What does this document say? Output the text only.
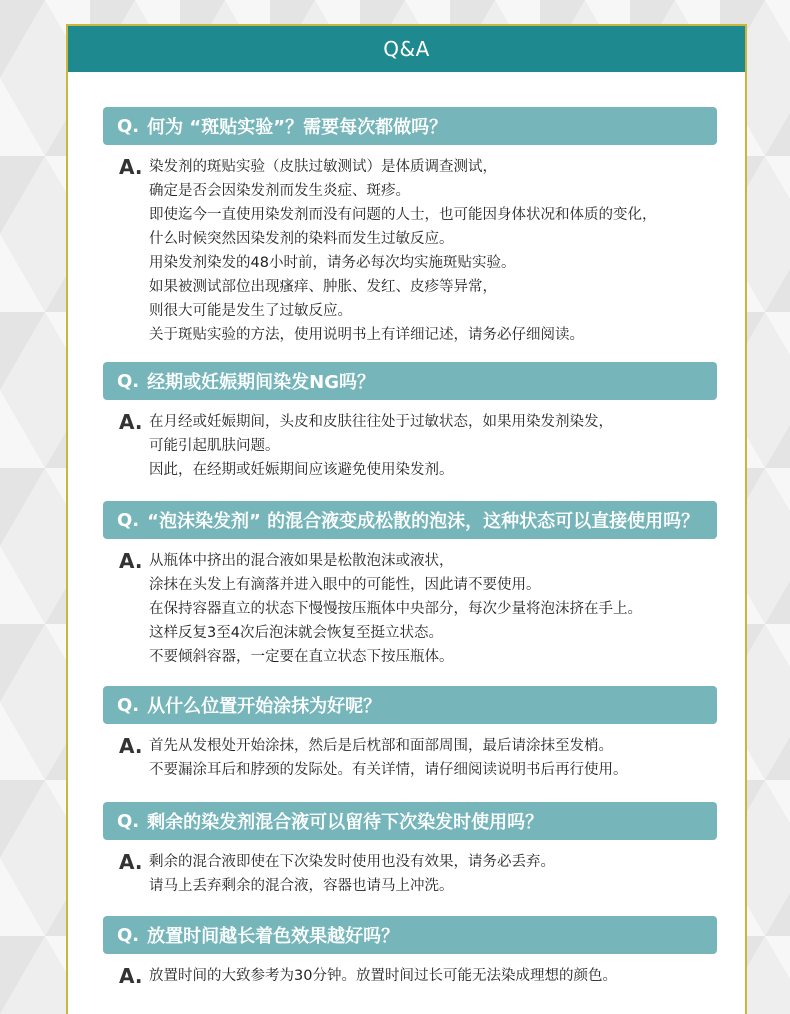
Q&A
Q. 何为 “斑贴实验”？需要每次都做吗？
A. 染发剂的斑贴实验（皮肤过敏测试）是体质调查测试，
确定是否会因染发剂而发生炎症、斑疹。
即使迄今一直使用染发剂而没有问题的人士，也可能因身体状况和体质的变化，
什么时候突然因染发剂的染料而发生过敏反应。
用染发剂染发的48小时前，请务必每次均实施斑贴实验。
如果被测试部位出现瘙痒、肿胀、发红、皮疹等异常，
则很大可能是发生了过敏反应。
关于斑贴实验的方法，使用说明书上有详细记述，请务必仔细阅读。
Q. 经期或妊娠期间染发NG吗？
A. 在月经或妊娠期间，头皮和皮肤往往处于过敏状态，如果用染发剂染发，
可能引起肌肤问题。
因此，在经期或妊娠期间应该避免使用染发剂。
Q. “泡沫染发剂” 的混合液变成松散的泡沫，这种状态可以直接使用吗？
A. 从瓶体中挤出的混合液如果是松散泡沫或液状，
涂抹在头发上有滴落并进入眼中的可能性，因此请不要使用。
在保持容器直立的状态下慢慢按压瓶体中央部分，每次少量将泡沫挤在手上。
这样反复3至4次后泡沫就会恢复至挺立状态。
不要倾斜容器，一定要在直立状态下按压瓶体。
Q. 从什么位置开始涂抹为好呢？
A. 首先从发根处开始涂抹，然后是后枕部和面部周围，最后请涂抹至发梢。
不要漏涂耳后和脖颈的发际处。有关详情，请仔细阅读说明书后再行使用。
Q. 剩余的染发剂混合液可以留待下次染发时使用吗？
A. 剩余的混合液即使在下次染发时使用也没有效果，请务必丢弃。
请马上丢弃剩余的混合液，容器也请马上冲洗。
Q. 放置时间越长着色效果越好吗？
A. 放置时间的大致参考为30分钟。放置时间过长可能无法染成理想的颜色。
